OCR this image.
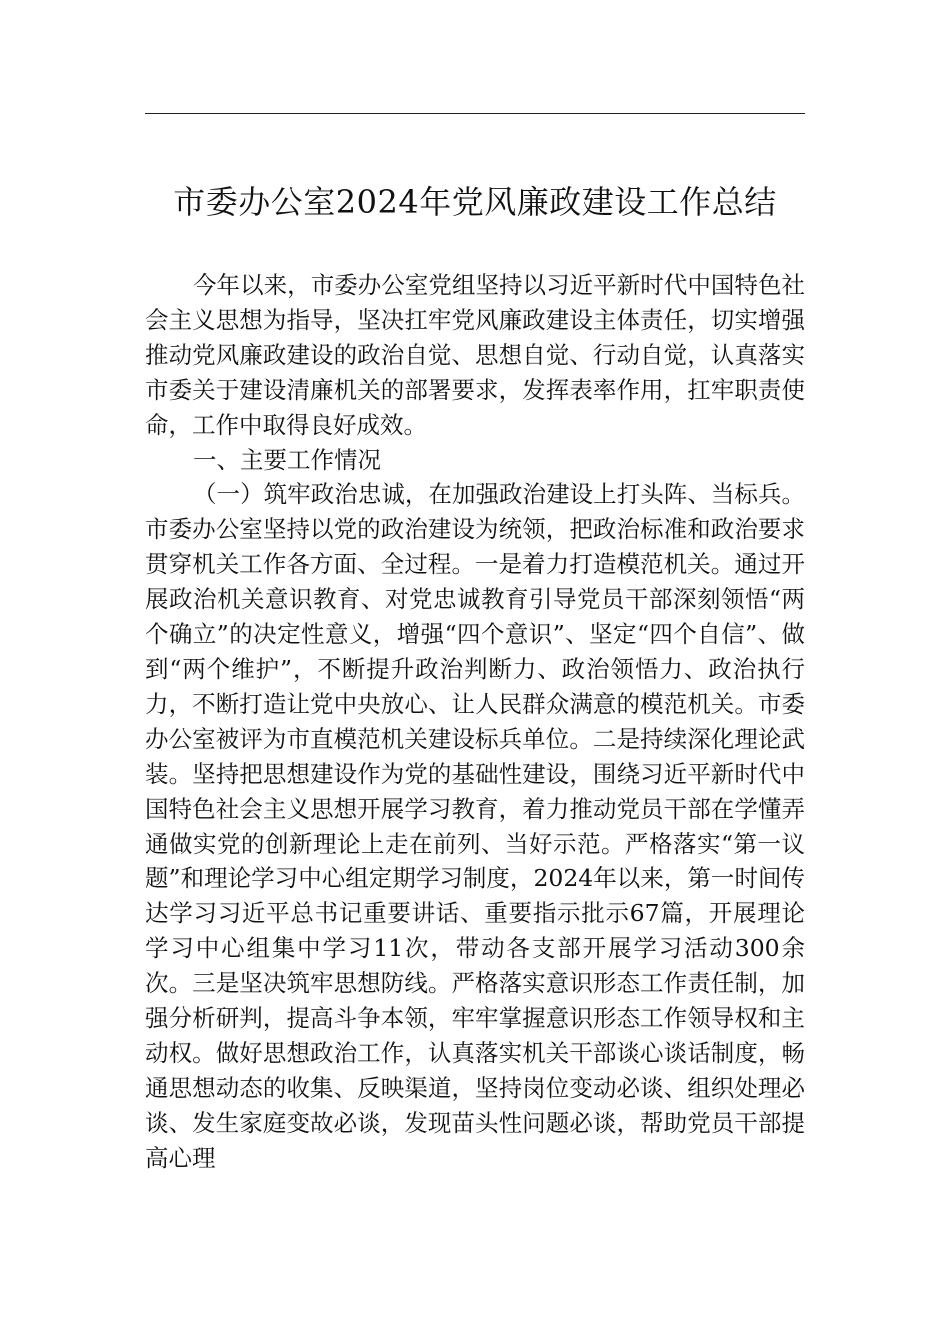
市委办公室2024年党风廉政建设工作总结

今年以来，市委办公室党组坚持以习近平新时代中国特色社会主义思想为指导，坚决扛牢党风廉政建设主体责任，切实增强推动党风廉政建设的政治自觉、思想自觉、行动自觉，认真落实市委关于建设清廉机关的部署要求，发挥表率作用，扛牢职责使命，工作中取得良好成效。

一、主要工作情况

（一）筑牢政治忠诚，在加强政治建设上打头阵、当标兵。市委办公室坚持以党的政治建设为统领，把政治标准和政治要求贯穿机关工作各方面、全过程。一是着力打造模范机关。通过开展政治机关意识教育、对党忠诚教育引导党员干部深刻领悟“两个确立”的决定性意义，增强“四个意识”、坚定“四个自信”、做到“两个维护”，不断提升政治判断力、政治领悟力、政治执行力，不断打造让党中央放心、让人民群众满意的模范机关。市委办公室被评为市直模范机关建设标兵单位。二是持续深化理论武装。坚持把思想建设作为党的基础性建设，围绕习近平新时代中国特色社会主义思想开展学习教育，着力推动党员干部在学懂弄通做实党的创新理论上走在前列、当好示范。严格落实“第一议题”和理论学习中心组定期学习制度，2024年以来，第一时间传达学习习近平总书记重要讲话、重要指示批示67篇，开展理论学习中心组集中学习11次，带动各支部开展学习活动300余次。三是坚决筑牢思想防线。严格落实意识形态工作责任制，加强分析研判，提高斗争本领，牢牢掌握意识形态工作领导权和主动权。做好思想政治工作，认真落实机关干部谈心谈话制度，畅通思想动态的收集、反映渠道，坚持岗位变动必谈、组织处理必谈、发生家庭变故必谈，发现苗头性问题必谈，帮助党员干部提高心理
